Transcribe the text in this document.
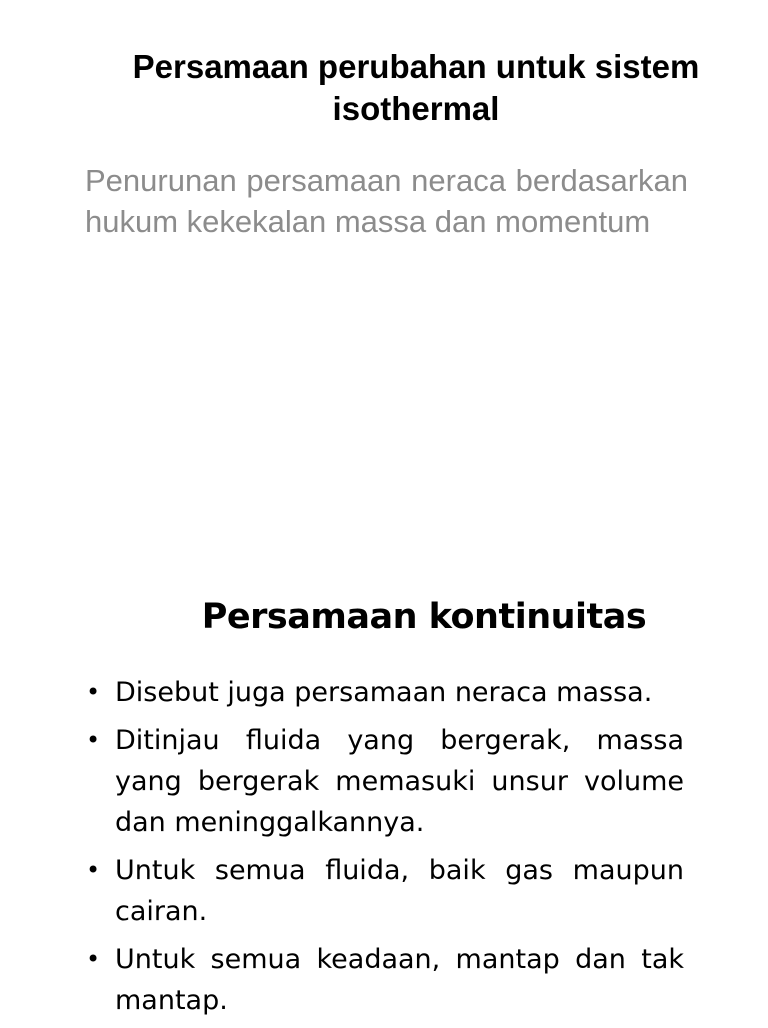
Persamaan perubahan untuk sistem isothermal

Penurunan persamaan neraca berdasarkan hukum kekekalan massa dan momentum

Persamaan kontinuitas
• Disebut juga persamaan neraca massa.
• Ditinjau fluida yang bergerak, massa yang bergerak memasuki unsur volume dan meninggalkannya.
• Untuk semua fluida, baik gas maupun cairan.
• Untuk semua keadaan, mantap dan tak mantap.
